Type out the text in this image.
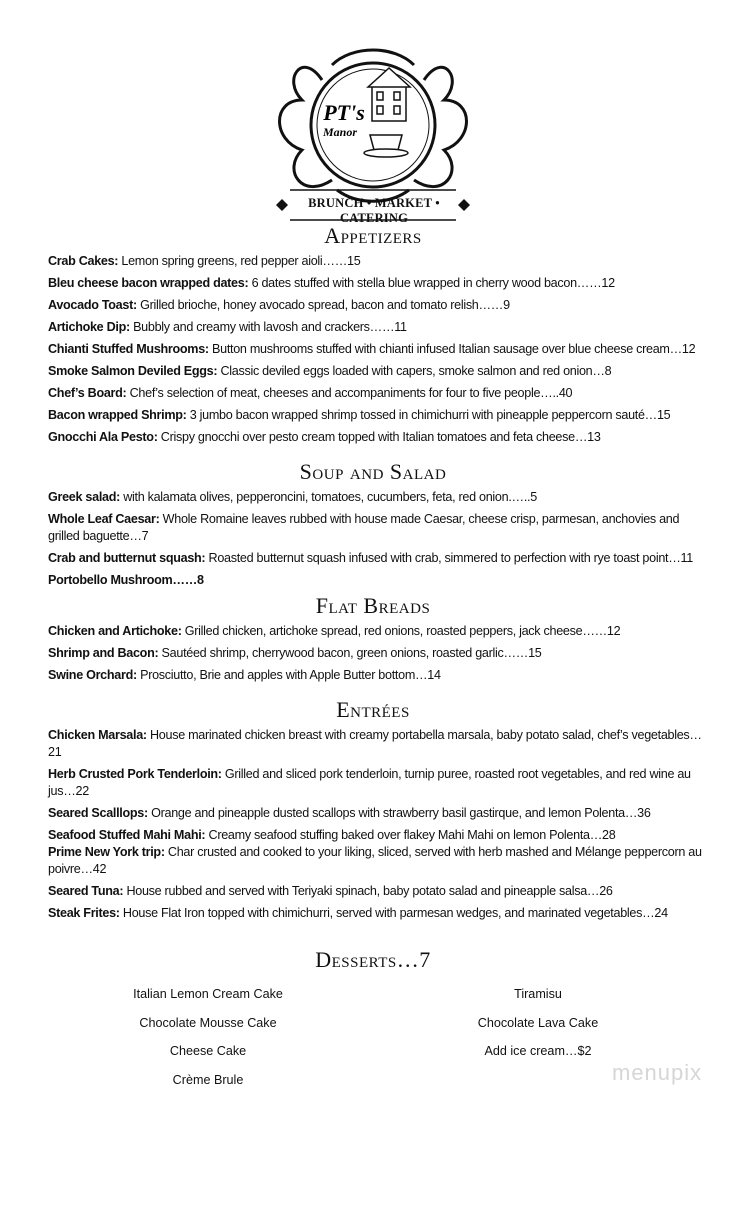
PT's
Manor
BRUNCH • MARKET • CATERING
Appetizers
Crab Cakes: Lemon spring greens, red pepper aioli……15
Bleu cheese bacon wrapped dates: 6 dates stuffed with stella blue wrapped in cherry wood bacon……12
Avocado Toast: Grilled brioche, honey avocado spread, bacon and tomato relish……9
Artichoke Dip: Bubbly and creamy with lavosh and crackers……11
Chianti Stuffed Mushrooms: Button mushrooms stuffed with chianti infused Italian sausage over blue cheese cream…12
Smoke Salmon Deviled Eggs: Classic deviled eggs loaded with capers, smoke salmon and red onion…8
Chef’s Board: Chef’s selection of meat, cheeses and accompaniments for four to five people…..40
Bacon wrapped Shrimp: 3 jumbo bacon wrapped shrimp tossed in chimichurri with pineapple peppercorn sauté…15
Gnocchi Ala Pesto: Crispy gnocchi over pesto cream topped with Italian tomatoes and feta cheese…13
Soup and Salad
Greek salad: with kalamata olives, pepperoncini, tomatoes, cucumbers, feta, red onion.…..5
Whole Leaf Caesar: Whole Romaine leaves rubbed with house made Caesar, cheese crisp, parmesan, anchovies and grilled baguette…7
Crab and butternut squash: Roasted butternut squash infused with crab, simmered to perfection with rye toast point…11
Portobello Mushroom……8
Flat Breads
Chicken and Artichoke: Grilled chicken, artichoke spread, red onions, roasted peppers, jack cheese……12
Shrimp and Bacon: Sautéed shrimp, cherrywood bacon, green onions, roasted garlic……15
Swine Orchard: Prosciutto, Brie and apples with Apple Butter bottom…14
Entrées
Chicken Marsala: House marinated chicken breast with creamy portabella marsala, baby potato salad, chef’s vegetables…21
Herb Crusted Pork Tenderloin: Grilled and sliced pork tenderloin, turnip puree, roasted root vegetables, and red wine au jus…22
Seared Scalllops: Orange and pineapple dusted scallops with strawberry basil gastirque, and lemon Polenta…36
Seafood Stuffed Mahi Mahi: Creamy seafood stuffing baked over flakey Mahi Mahi on lemon Polenta…28
Prime New York trip: Char crusted and cooked to your liking, sliced, served with herb mashed and Mélange peppercorn au poivre…42
Seared Tuna: House rubbed and served with Teriyaki spinach, baby potato salad and pineapple salsa…26
Steak Frites: House Flat Iron topped with chimichurri, served with parmesan wedges, and marinated vegetables…24
Desserts…7
Italian Lemon Cream Cake
Chocolate Mousse Cake
Cheese Cake
Crème Brule
Tiramisu
Chocolate Lava Cake
Add ice cream…$2
menupix
